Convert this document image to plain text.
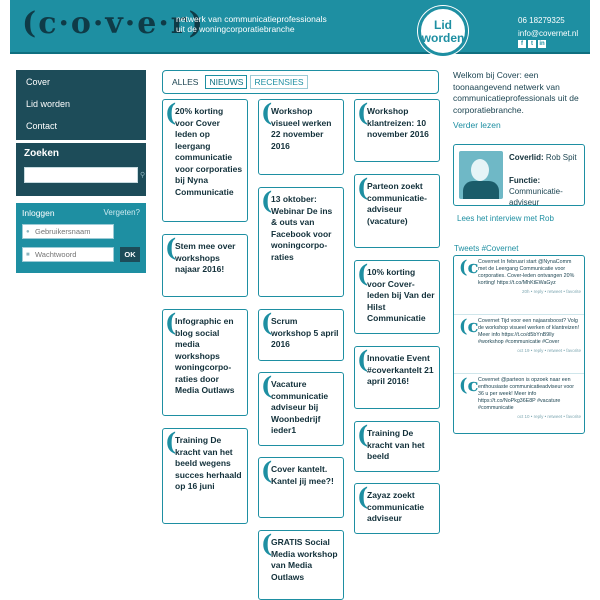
(c·o·v·e·r)
netwerk van communicatieprofessionals
uit de woningcorporatiebranche	Lid
worden
06 18279325
info@covernet.nl
f	t	in
Cover
Lid worden
Contact
Zoeken
⚲
Inloggen	Vergeten?
Gebruikersnaam
●
Wachtwoord
■	OK
ALLES	NIEUWS	RECENSIES
( 20% korting voor Cover leden op leergang communicatie voor corporaties bij Nyna Communicatie
( Stem mee over workshops najaar 2016!
( Infographic en blog social media workshops woningcorpo-raties door Media Outlaws
( Training De kracht van het beeld wegens succes herhaald op 16 juni
( Workshop visueel werken 22 november 2016
( 13 oktober: Webinar De ins & outs van Facebook voor woningcorpo-raties
( Scrum workshop 5 april 2016
( Vacature communicatie adviseur bij Woonbedrijf ieder1
( Cover kantelt. Kantel jij mee?!
( GRATIS Social Media workshop van Media Outlaws
( Workshop klantreizen: 10 november 2016
( Parteon zoekt communicatie-adviseur (vacature)
( 10% korting voor Cover-leden bij Van der Hilst Communicatie
( Innovatie Event #coverkantelt 21 april 2016!
( Training De kracht van het beeld
( Zayaz zoekt communicatie adviseur
Welkom bij Cover: een toonaangevend netwerk van communicatieprofessionals uit de corporatiebranche.
Verder lezen
Coverlid: Rob Spit
Functie:
Communicatie-adviseur
Lees het interview met Rob
Tweets #Covernet
(c Covernet In februari start @NynaComm met de Leergang Communicatie voor corporaties. Cover-leden ontvangen 20% korting! https://t.co/MhKtEWaGyz
20h • reply • retweet • favorite
(c Covernet Tijd voor een najaarsboost? Volg de workshop visueel werken of klantreizen! Meer info https://t.co/d5bYnB9lly #workshop #communicatie #Cover
oct 19 • reply • retweet • favorite
(c Covernet @parteon is opzoek naar een enthousiaste communicatieadviseur voor 36 u per week! Meer info https://t.co/NoPkg36E8P #vacature #communicatie
oct 10 • reply • retweet • favorite
